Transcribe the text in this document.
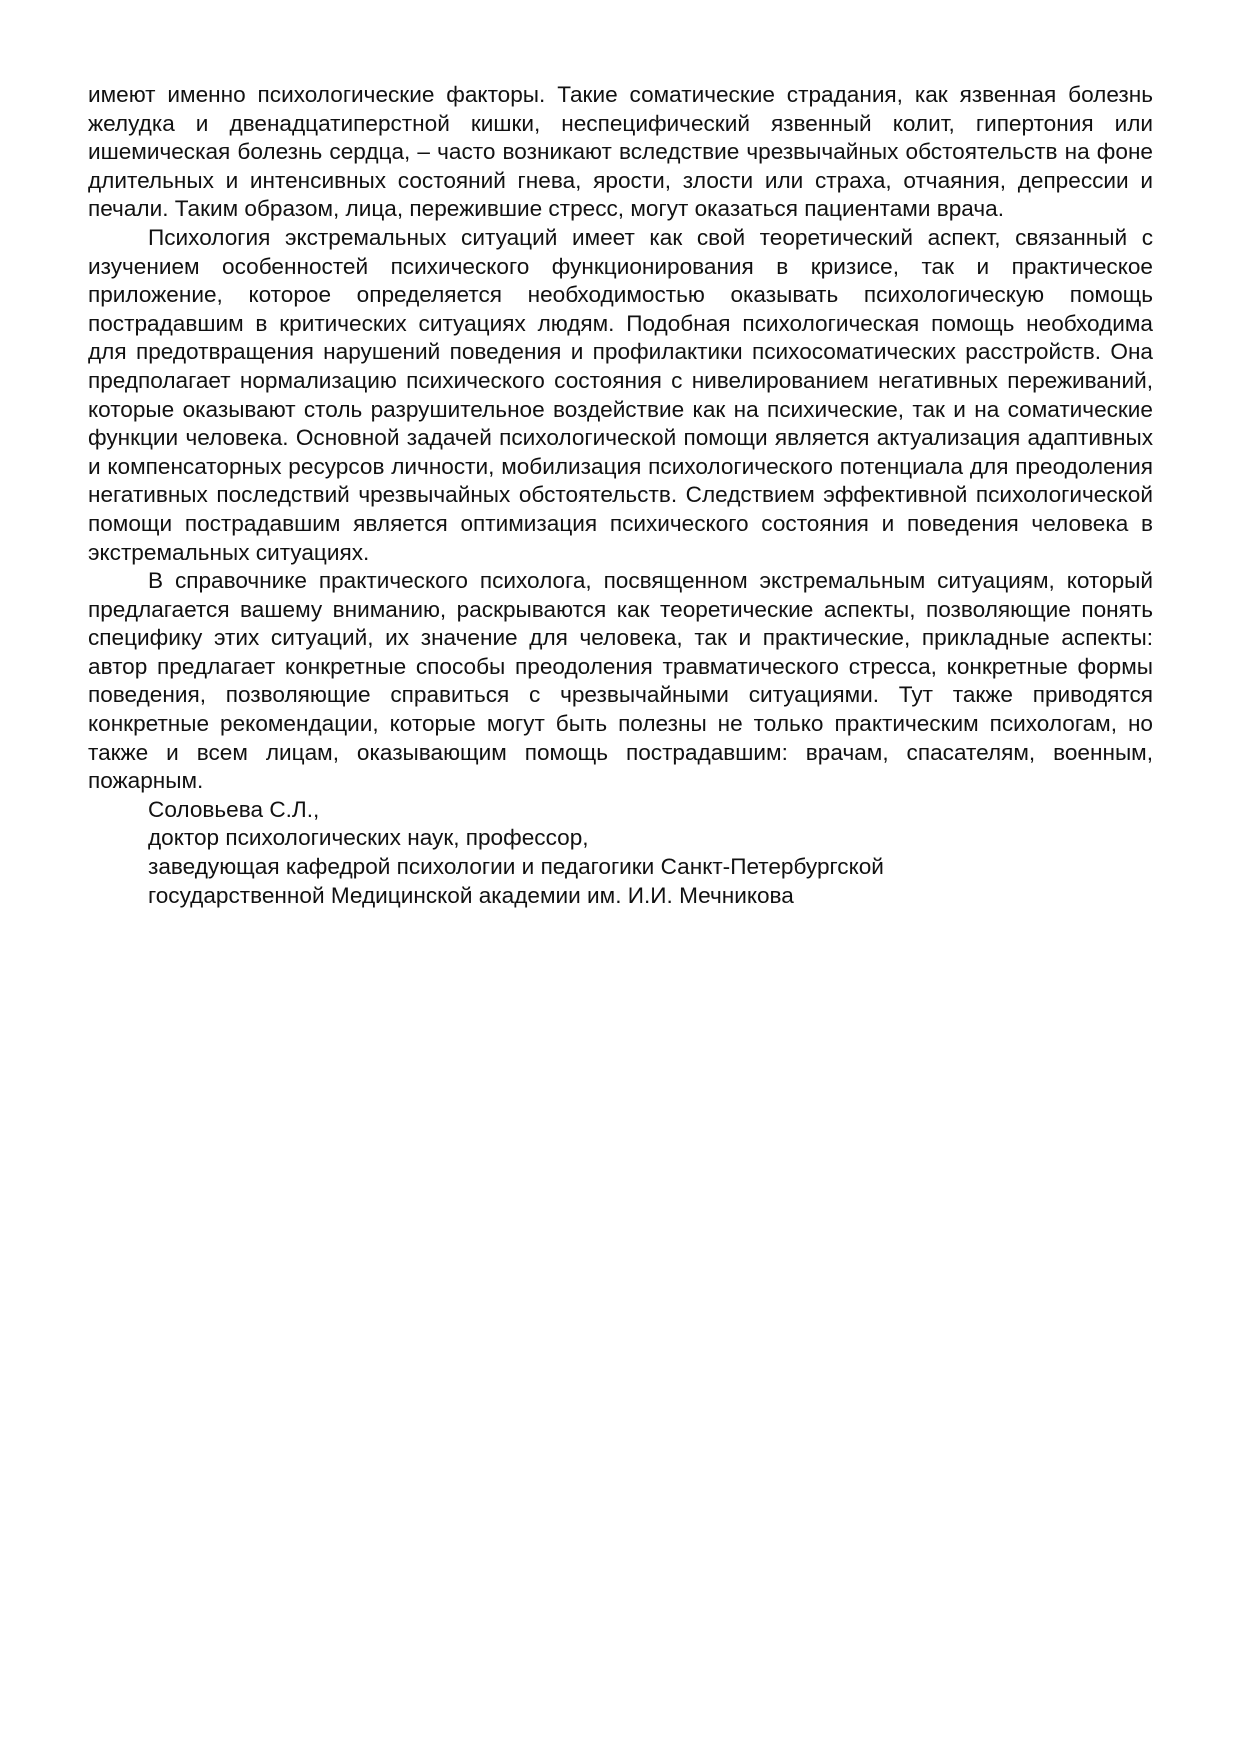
имеют именно психологические факторы. Такие соматические страдания, как язвенная болезнь желудка и двенадцатиперстной кишки, неспецифический язвенный колит, гипертония или ишемическая болезнь сердца, – часто возникают вследствие чрезвычайных обстоятельств на фоне длительных и интенсивных состояний гнева, ярости, злости или страха, отчаяния, депрессии и печали. Таким образом, лица, пережившие стресс, могут оказаться пациентами врача.

Психология экстремальных ситуаций имеет как свой теоретический аспект, связанный с изучением особенностей психического функционирования в кризисе, так и практическое приложение, которое определяется необходимостью оказывать психологическую помощь пострадавшим в критических ситуациях людям. Подобная психологическая помощь необходима для предотвращения нарушений поведения и профилактики психосоматических расстройств. Она предполагает нормализацию психического состояния с нивелированием негативных переживаний, которые оказывают столь разрушительное воздействие как на психические, так и на соматические функции человека. Основной задачей психологической помощи является актуализация адаптивных и компенсаторных ресурсов личности, мобилизация психологического потенциала для преодоления негативных последствий чрезвычайных обстоятельств. Следствием эффективной психологической помощи пострадавшим является оптимизация психического состояния и поведения человека в экстремальных ситуациях.

В справочнике практического психолога, посвященном экстремальным ситуациям, который предлагается вашему вниманию, раскрываются как теоретические аспекты, позволяющие понять специфику этих ситуаций, их значение для человека, так и практические, прикладные аспекты: автор предлагает конкретные способы преодоления травматического стресса, конкретные формы поведения, позволяющие справиться с чрезвычайными ситуациями. Тут также приводятся конкретные рекомендации, которые могут быть полезны не только практическим психологам, но также и всем лицам, оказывающим помощь пострадавшим: врачам, спасателям, военным, пожарным.

Соловьева С.Л.,
доктор психологических наук, профессор,
заведующая кафедрой психологии и педагогики Санкт-Петербургской
государственной Медицинской академии им. И.И. Мечникова
